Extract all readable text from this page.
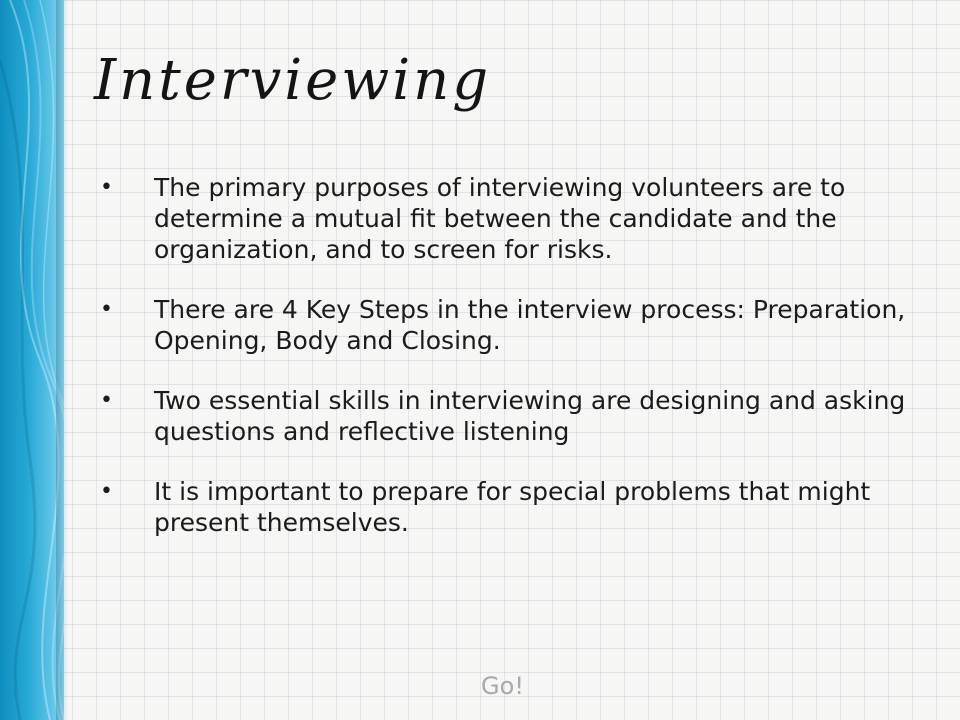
Interviewing
• The primary purposes of interviewing volunteers are to determine a mutual fit between the candidate and the organization, and to screen for risks.
• There are 4 Key Steps in the interview process: Preparation, Opening, Body and Closing.
• Two essential skills in interviewing are designing and asking questions and reflective listening
• It is important to prepare for special problems that might present themselves.
Go!
